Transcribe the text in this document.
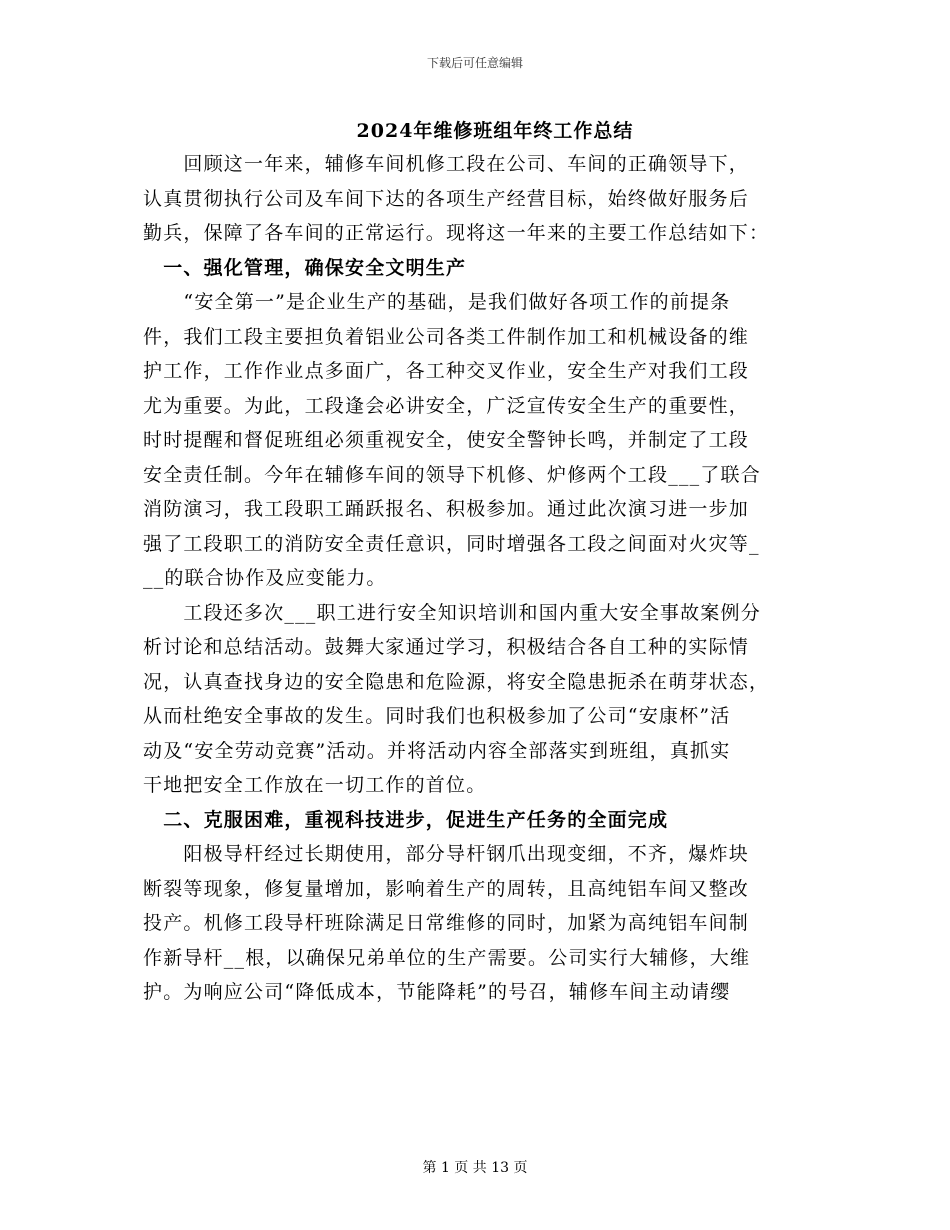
下载后可任意编辑
2024年维修班组年终工作总结
　　回顾这一年来，辅修车间机修工段在公司、车间的正确领导下，
认真贯彻执行公司及车间下达的各项生产经营目标，始终做好服务后
勤兵，保障了各车间的正常运行。现将这一年来的主要工作总结如下：
　一、强化管理，确保安全文明生产
　　“安全第一”是企业生产的基础，是我们做好各项工作的前提条
件，我们工段主要担负着铝业公司各类工件制作加工和机械设备的维
护工作，工作作业点多面广，各工种交叉作业，安全生产对我们工段
尤为重要。为此，工段逢会必讲安全，广泛宣传安全生产的重要性，
时时提醒和督促班组必须重视安全，使安全警钟长鸣，并制定了工段
安全责任制。今年在辅修车间的领导下机修、炉修两个工段___了联合
消防演习，我工段职工踊跃报名、积极参加。通过此次演习进一步加
强了工段职工的消防安全责任意识，同时增强各工段之间面对火灾等_
__的联合协作及应变能力。
　　工段还多次___职工进行安全知识培训和国内重大安全事故案例分
析讨论和总结活动。鼓舞大家通过学习，积极结合各自工种的实际情
况，认真查找身边的安全隐患和危险源，将安全隐患扼杀在萌芽状态，
从而杜绝安全事故的发生。同时我们也积极参加了公司“安康杯”活
动及“安全劳动竞赛”活动。并将活动内容全部落实到班组，真抓实
干地把安全工作放在一切工作的首位。
　二、克服困难，重视科技进步，促进生产任务的全面完成
　　阳极导杆经过长期使用，部分导杆钢爪出现变细，不齐，爆炸块
断裂等现象，修复量增加，影响着生产的周转，且高纯铝车间又整改
投产。机修工段导杆班除满足日常维修的同时，加紧为高纯铝车间制
作新导杆__根，以确保兄弟单位的生产需要。公司实行大辅修，大维
护。为响应公司“降低成本，节能降耗”的号召，辅修车间主动请缨
第 1 页 共 13 页
